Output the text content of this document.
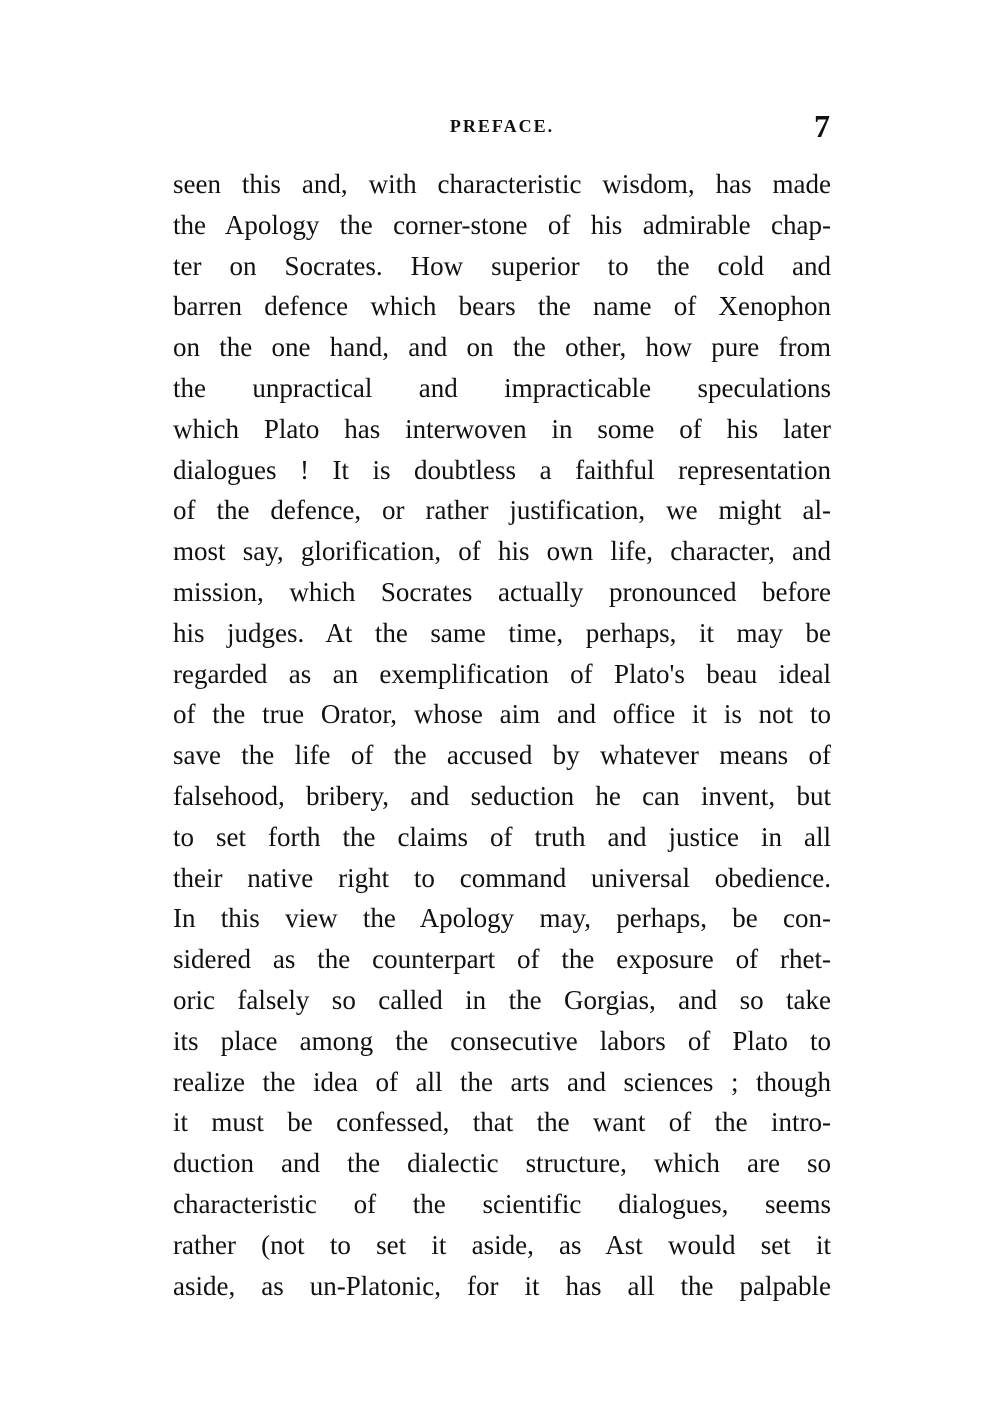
PREFACE.	7
seen this and, with characteristic wisdom, has made
the Apology the corner-stone of his admirable chap-
ter on Socrates. How superior to the cold and
barren defence which bears the name of Xenophon
on the one hand, and on the other, how pure from
the unpractical and impracticable speculations
which Plato has interwoven in some of his later
dialogues ! It is doubtless a faithful representation
of the defence, or rather justification, we might al-
most say, glorification, of his own life, character, and
mission, which Socrates actually pronounced before
his judges. At the same time, perhaps, it may be
regarded as an exemplification of Plato's beau ideal
of the true Orator, whose aim and office it is not to
save the life of the accused by whatever means of
falsehood, bribery, and seduction he can invent, but
to set forth the claims of truth and justice in all
their native right to command universal obedience.
In this view the Apology may, perhaps, be con-
sidered as the counterpart of the exposure of rhet-
oric falsely so called in the Gorgias, and so take
its place among the consecutive labors of Plato to
realize the idea of all the arts and sciences ; though
it must be confessed, that the want of the intro-
duction and the dialectic structure, which are so
characteristic of the scientific dialogues, seems
rather (not to set it aside, as Ast would set it
aside, as un-Platonic, for it has all the palpable
